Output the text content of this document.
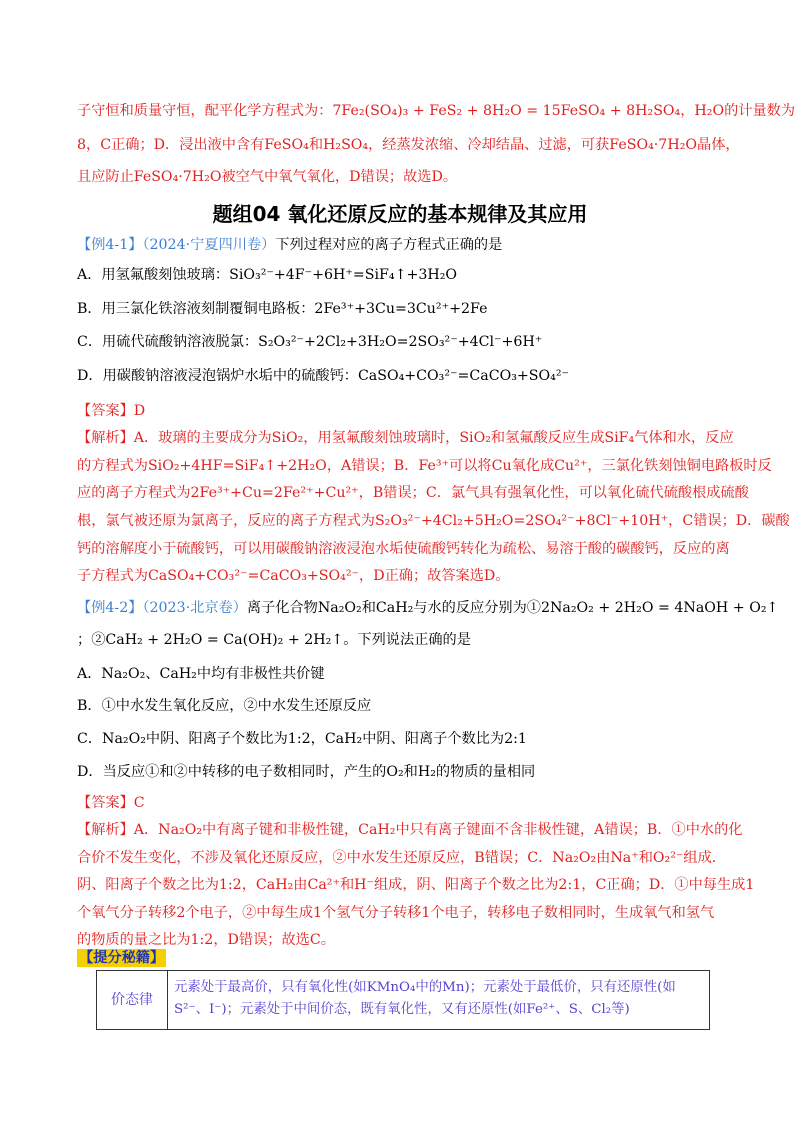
子守恒和质量守恒，配平化学方程式为：7Fe₂(SO₄)₃ + FeS₂ + 8H₂O = 15FeSO₄ + 8H₂SO₄，H₂O的计量数为
8，C正确；D．浸出液中含有FeSO₄和H₂SO₄，经蒸发浓缩、冷却结晶、过滤，可获FeSO₄·7H₂O晶体，
且应防止FeSO₄·7H₂O被空气中氧气氧化，D错误；故选D。
题组04 氧化还原反应的基本规律及其应用
【例4-1】（2024·宁夏四川卷）下列过程对应的离子方程式正确的是
A．用氢氟酸刻蚀玻璃：SiO₃²⁻+4F⁻+6H⁺=SiF₄↑+3H₂O
B．用三氯化铁溶液刻制覆铜电路板：2Fe³⁺+3Cu=3Cu²⁺+2Fe
C．用硫代硫酸钠溶液脱氯：S₂O₃²⁻+2Cl₂+3H₂O=2SO₃²⁻+4Cl⁻+6H⁺
D．用碳酸钠溶液浸泡锅炉水垢中的硫酸钙：CaSO₄+CO₃²⁻=CaCO₃+SO₄²⁻
【答案】D
【解析】A．玻璃的主要成分为SiO₂，用氢氟酸刻蚀玻璃时，SiO₂和氢氟酸反应生成SiF₄气体和水，反应
的方程式为SiO₂+4HF=SiF₄↑+2H₂O，A错误；B．Fe³⁺可以将Cu氧化成Cu²⁺，三氯化铁刻蚀铜电路板时反
应的离子方程式为2Fe³⁺+Cu=2Fe²⁺+Cu²⁺，B错误；C．氯气具有强氧化性，可以氧化硫代硫酸根成硫酸
根，氯气被还原为氯离子，反应的离子方程式为S₂O₃²⁻+4Cl₂+5H₂O=2SO₄²⁻+8Cl⁻+10H⁺，C错误；D．碳酸
钙的溶解度小于硫酸钙，可以用碳酸钠溶液浸泡水垢使硫酸钙转化为疏松、易溶于酸的碳酸钙，反应的离
子方程式为CaSO₄+CO₃²⁻=CaCO₃+SO₄²⁻，D正确；故答案选D。
【例4-2】（2023·北京卷）离子化合物Na₂O₂和CaH₂与水的反应分别为①2Na₂O₂ + 2H₂O = 4NaOH + O₂↑
；②CaH₂ + 2H₂O = Ca(OH)₂ + 2H₂↑。下列说法正确的是
A．Na₂O₂、CaH₂中均有非极性共价键
B．①中水发生氧化反应，②中水发生还原反应
C．Na₂O₂中阴、阳离子个数比为1:2，CaH₂中阴、阳离子个数比为2:1
D．当反应①和②中转移的电子数相同时，产生的O₂和H₂的物质的量相同
【答案】C
【解析】A．Na₂O₂中有离子键和非极性键，CaH₂中只有离子键面不含非极性键，A错误；B．①中水的化
合价不发生变化，不涉及氧化还原反应，②中水发生还原反应，B错误；C．Na₂O₂由Na⁺和O₂²⁻组成．
阴、阳离子个数之比为1:2，CaH₂由Ca²⁺和H⁻组成，阴、阳离子个数之比为2:1，C正确；D．①中每生成1
个氧气分子转移2个电子，②中每生成1个氢气分子转移1个电子，转移电子数相同时，生成氧气和氢气
的物质的量之比为1:2，D错误；故选C。
【提分秘籍】
价态律
元素处于最高价，只有氧化性(如KMnO₄中的Mn)；元素处于最低价，只有还原性(如
S²⁻、I⁻)；元素处于中间价态，既有氧化性，又有还原性(如Fe²⁺、S、Cl₂等)
